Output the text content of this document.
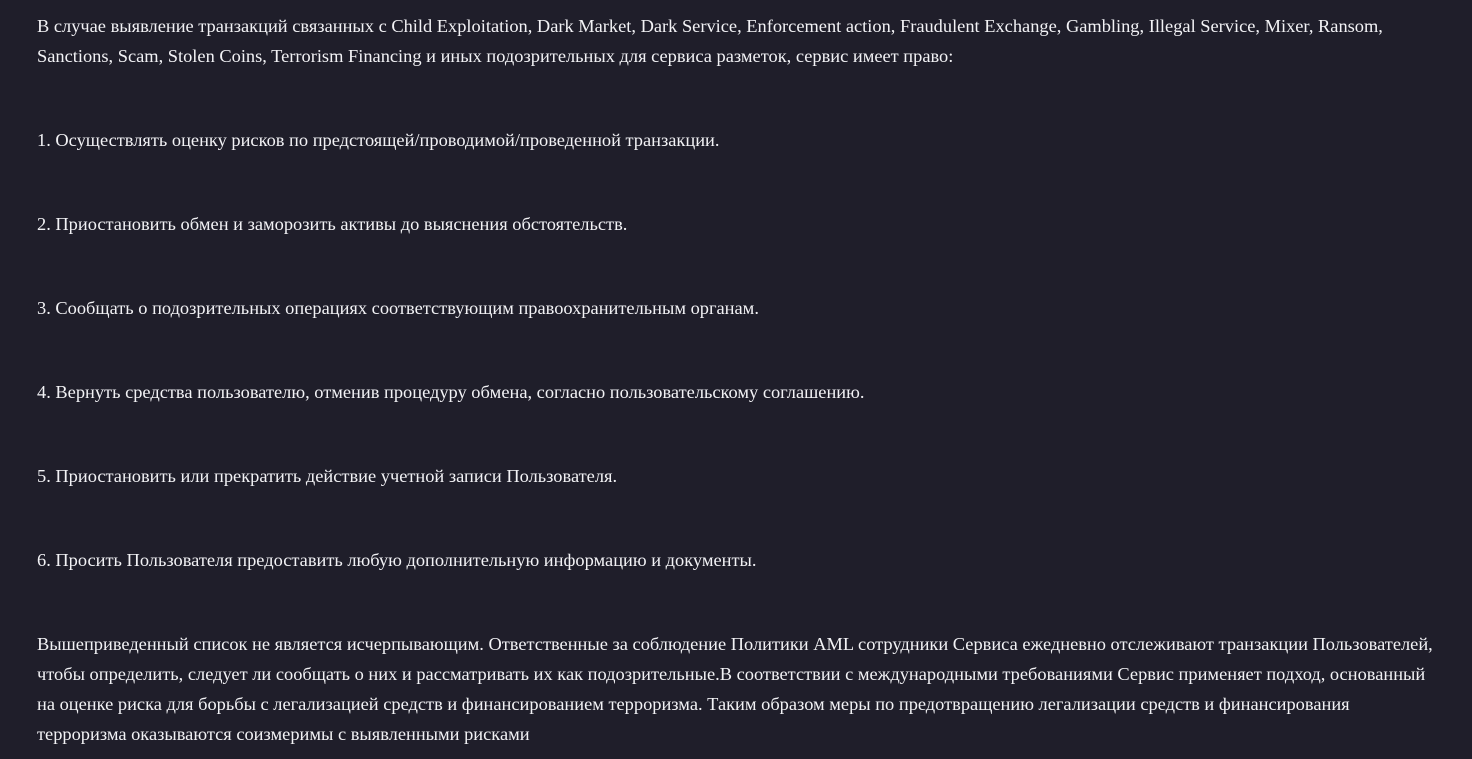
В случае выявление транзакций связанных с Child Exploitation, Dark Market, Dark Service, Enforcement action, Fraudulent Exchange, Gambling, Illegal Service, Mixer, Ransom, Sanctions, Scam, Stolen Coins, Terrorism Financing и иных подозрительных для сервиса разметок, сервис имеет право:

1. Осуществлять оценку рисков по предстоящей/проводимой/проведенной транзакции.

2. Приостановить обмен и заморозить активы до выяснения обстоятельств.

3. Сообщать о подозрительных операциях соответствующим правоохранительным органам.

4. Вернуть средства пользователю, отменив процедуру обмена, согласно пользовательскому соглашению.

5. Приостановить или прекратить действие учетной записи Пользователя.

6. Просить Пользователя предоставить любую дополнительную информацию и документы.

Вышеприведенный список не является исчерпывающим. Ответственные за соблюдение Политики AML сотрудники Сервиса ежедневно отслеживают транзакции Пользователей, чтобы определить, следует ли сообщать о них и рассматривать их как подозрительные.В соответствии с международными требованиями Сервис применяет подход, основанный на оценке риска для борьбы с легализацией средств и финансированием терроризма. Таким образом меры по предотвращению легализации средств и финансирования терроризма оказываются соизмеримы с выявленными рисками
